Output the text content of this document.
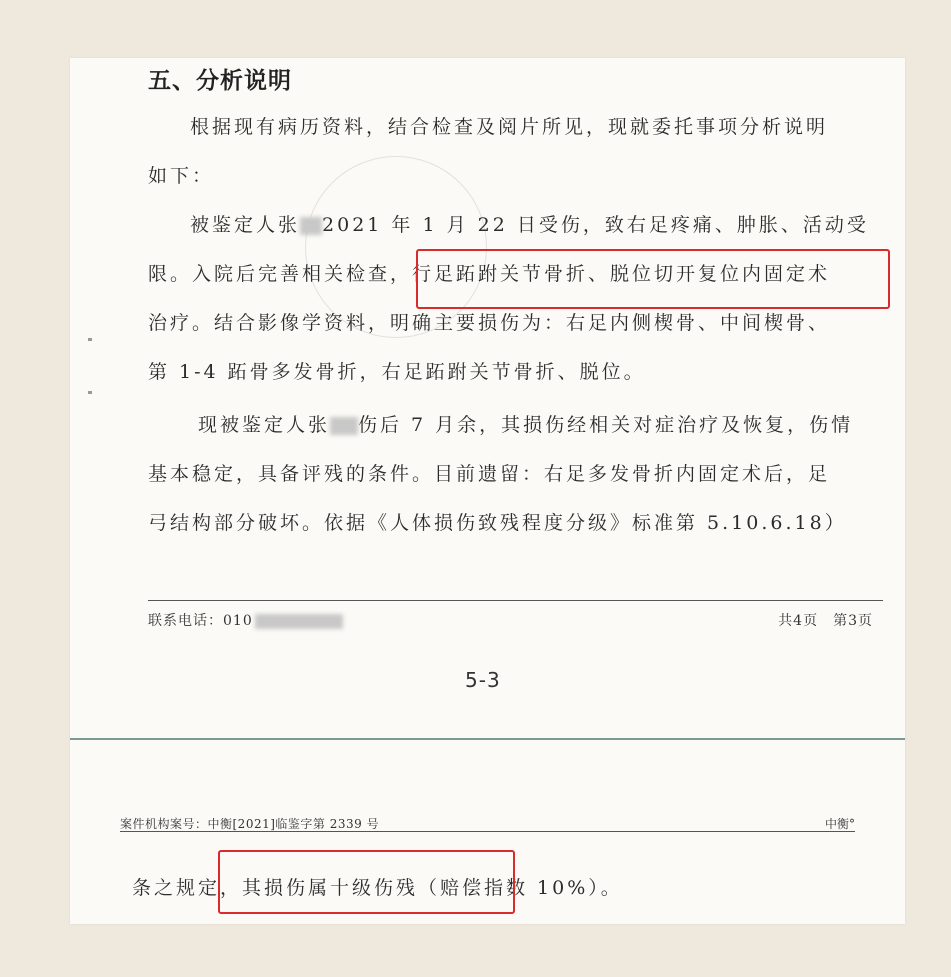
五、分析说明
根据现有病历资料，结合检查及阅片所见，现就委托事项分析说明
如下：
被鉴定人张 2021 年 1 月 22 日受伤，致右足疼痛、肿胀、活动受
限。入院后完善相关检查，行足跖跗关节骨折、脱位切开复位内固定术
治疗。结合影像学资料，明确主要损伤为：右足内侧楔骨、中间楔骨、
第 1-4 跖骨多发骨折，右足跖跗关节骨折、脱位。
现被鉴定人张 伤后 7 月余，其损伤经相关对症治疗及恢复，伤情
基本稳定，具备评残的条件。目前遗留：右足多发骨折内固定术后，足
弓结构部分破坏。依据《人体损伤致残程度分级》标准第 5.10.6.18）
联系电话：010	共4页　第3页
5-3
案件机构案号：中衡[2021]临鉴字第 2339 号	中衡°
条之规定，其损伤属十级伤残（赔偿指数 10%）。
